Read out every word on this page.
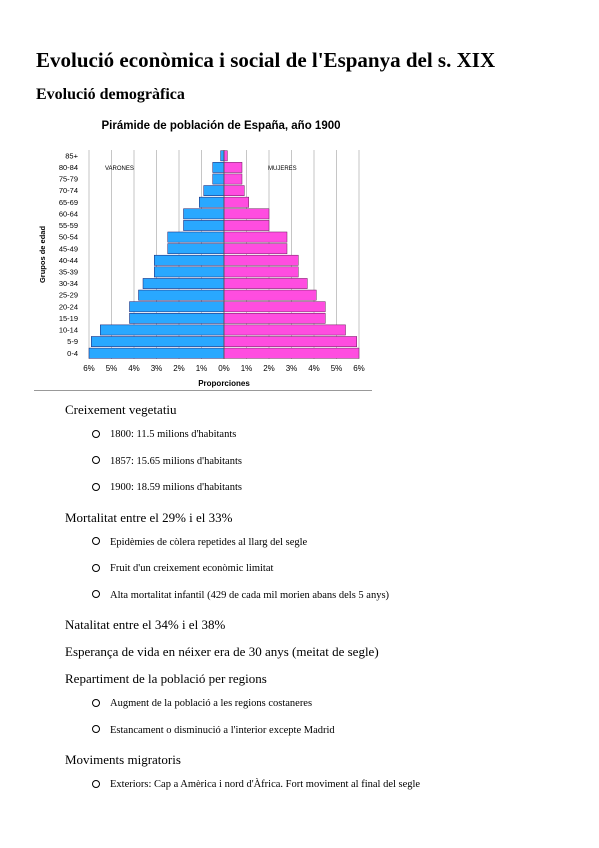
Evolució econòmica i social de l'Espanya del s. XIX
Evolució demogràfica
Pirámide de población de España, año 1900
85+
80-84
75-79
70-74
65-69
60-64
55-59
50-54
45-49
40-44
35-39
30-34
25-29
20-24
15-19
10-14
5-9
0-4
VARONES	MUJERES
6% 5% 4% 3% 2% 1% 0% 1% 2% 3% 4% 5% 6%
Proporciones
Grupos de edad
Creixement vegetatiu
1800: 11.5 milions d'habitants
1857: 15.65 milions d'habitants
1900: 18.59 milions d'habitants
Mortalitat entre el 29% i el 33%
Epidèmies de còlera repetides al llarg del segle
Fruit d'un creixement econòmic limitat
Alta mortalitat infantil (429 de cada mil morien abans dels 5 anys)
Natalitat entre el 34% i el 38%
Esperança de vida en néixer era de 30 anys (meitat de segle)
Repartiment de la població per regions
Augment de la població a les regions costaneres
Estancament o disminució a l'interior excepte Madrid
Moviments migratoris
Exteriors: Cap a Amèrica i nord d'Àfrica. Fort moviment al final del segle
